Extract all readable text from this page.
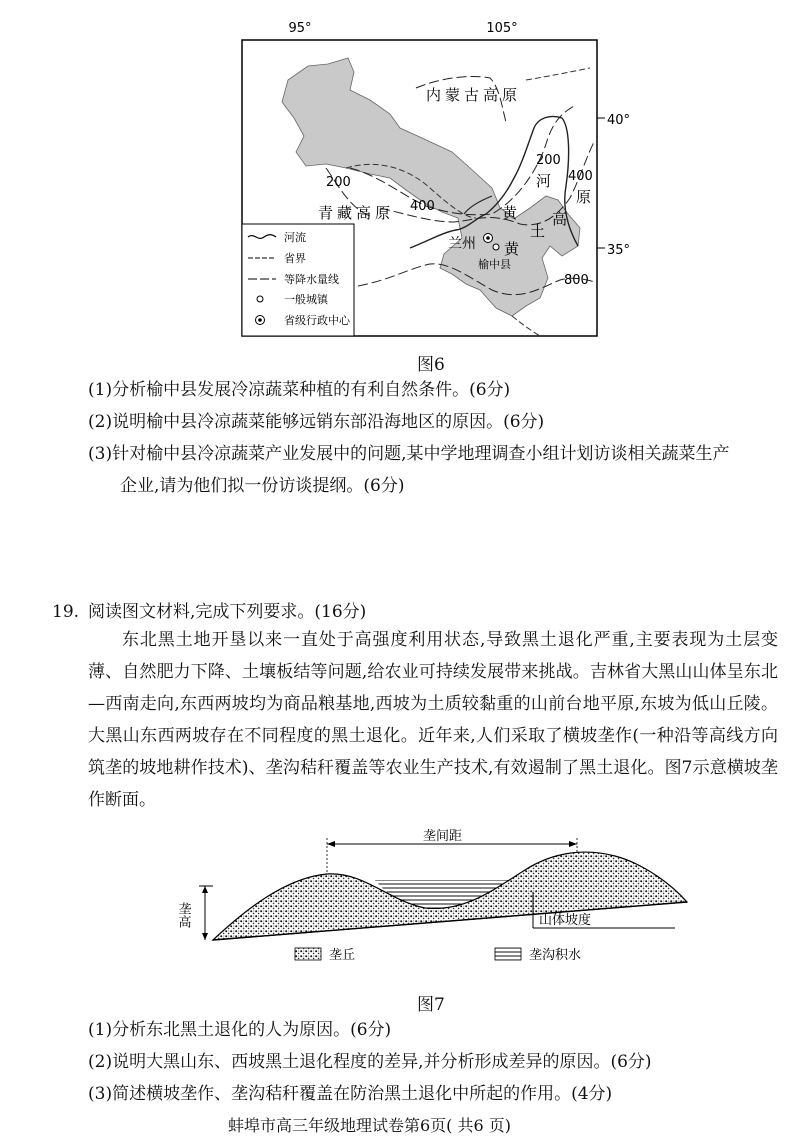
95°	105°
40°
35°
内蒙古高原
青藏高原
200
200
400
400
800
河
原
高
黄
土
黄
兰州
榆中县
河流
省界
等降水量线
一般城镇
省级行政中心
图6
(1)分析榆中县发展冷凉蔬菜种植的有利自然条件。(6分)
(2)说明榆中县冷凉蔬菜能够远销东部沿海地区的原因。(6分)
(3)针对榆中县冷凉蔬菜产业发展中的问题,某中学地理调查小组计划访谈相关蔬菜生产
企业,请为他们拟一份访谈提纲。(6分)
19. 阅读图文材料,完成下列要求。(16分)
东北黑土地开垦以来一直处于高强度利用状态,导致黑土退化严重,主要表现为土层变薄、自然肥力下降、土壤板结等问题,给农业可持续发展带来挑战。吉林省大黑山山体呈东北—西南走向,东西两坡均为商品粮基地,西坡为土质较黏重的山前台地平原,东坡为低山丘陵。大黑山东西两坡存在不同程度的黑土退化。近年来,人们采取了横坡垄作(一种沿等高线方向筑垄的坡地耕作技术)、垄沟秸秆覆盖等农业生产技术,有效遏制了黑土退化。图7示意横坡垄作断面。
垄间距
垄高	山体坡度
垄丘	垄沟积水
图7
(1)分析东北黑土退化的人为原因。(6分)
(2)说明大黑山东、西坡黑土退化程度的差异,并分析形成差异的原因。(6分)
(3)简述横坡垄作、垄沟秸秆覆盖在防治黑土退化中所起的作用。(4分)
蚌埠市高三年级地理试卷第6页( 共6 页)
